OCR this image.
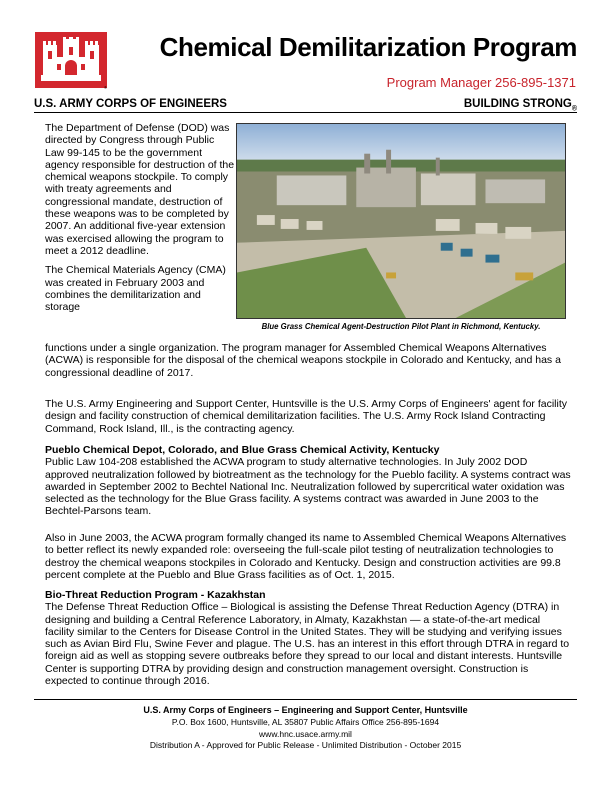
®
Chemical Demilitarization Program
Program Manager 256-895-1371
U.S. ARMY CORPS OF ENGINEERS	BUILDING $STRONG_®$

The Department of Defense (DOD) was directed by Congress through Public Law 99-145 to be the government agency responsible for destruction of the chemical weapons stockpile. To comply with treaty agreements and congressional mandate, destruction of these weapons was to be completed by 2007. An additional five-year extension was exercised allowing the program to meet a 2012 deadline.

The Chemical Materials Agency (CMA) was created in February 2003 and combines the demilitarization and storage

Blue Grass Chemical Agent-Destruction Pilot Plant in Richmond, Kentucky.

functions under a single organization. The program manager for Assembled Chemical Weapons Alternatives (ACWA) is responsible for the disposal of the chemical weapons stockpile in Colorado and Kentucky, and has a congressional deadline of 2017.

The U.S. Army Engineering and Support Center, Huntsville is the U.S. Army Corps of Engineers' agent for facility design and facility construction of chemical demilitarization facilities. The U.S. Army Rock Island Contracting Command, Rock Island, Ill., is the contracting agency.

Pueblo Chemical Depot, Colorado, and Blue Grass Chemical Activity, Kentucky

Public Law 104-208 established the ACWA program to study alternative technologies. In July 2002 DOD approved neutralization followed by biotreatment as the technology for the Pueblo facility. A systems contract was awarded in September 2002 to Bechtel National Inc. Neutralization followed by supercritical water oxidation was selected as the technology for the Blue Grass facility. A systems contract was awarded in June 2003 to the Bechtel-Parsons team.

Also in June 2003, the ACWA program formally changed its name to Assembled Chemical Weapons Alternatives to better reflect its newly expanded role: overseeing the full-scale pilot testing of neutralization technologies to destroy the chemical weapons stockpiles in Colorado and Kentucky. Design and construction activities are 99.8 percent complete at the Pueblo and Blue Grass facilities as of Oct. 1, 2015.

Bio-Threat Reduction Program - Kazakhstan

The Defense Threat Reduction Office – Biological is assisting the Defense Threat Reduction Agency (DTRA) in designing and building a Central Reference Laboratory, in Almaty, Kazakhstan — a state-of-the-art medical facility similar to the Centers for Disease Control in the United States. They will be studying and verifying issues such as Avian Bird Flu, Swine Fever and plague. The U.S. has an interest in this effort through DTRA in regard to foreign aid as well as stopping severe outbreaks before they spread to our local and distant interests. Huntsville Center is supporting DTRA by providing design and construction management oversight. Construction is expected to continue through 2016.

U.S. Army Corps of Engineers – Engineering and Support Center, Huntsville
P.O. Box 1600, Huntsville, AL 35807 Public Affairs Office 256-895-1694
www.hnc.usace.army.mil
Distribution A - Approved for Public Release - Unlimited Distribution - October 2015
